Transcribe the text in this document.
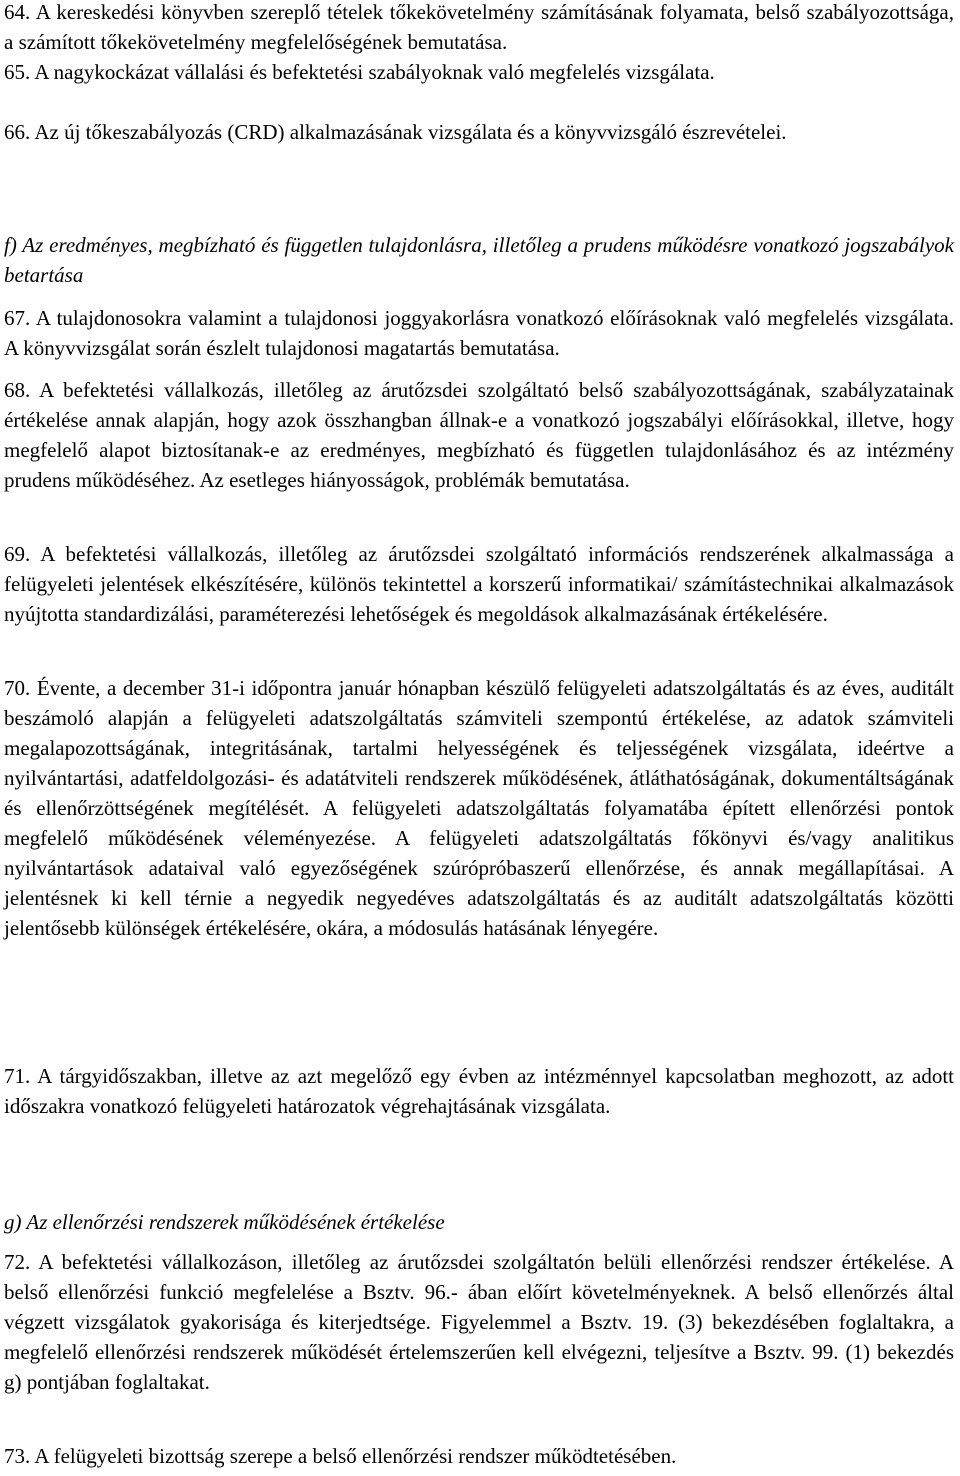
64. A kereskedési könyvben szereplő tételek tőkekövetelmény számításának folyamata, belső szabályozottsága, a számított tőkekövetelmény megfelelőségének bemutatása.

65. A nagykockázat vállalási és befektetési szabályoknak való megfelelés vizsgálata.

66. Az új tőkeszabályozás (CRD) alkalmazásának vizsgálata és a könyvvizsgáló észrevételei.

f) Az eredményes, megbízható és független tulajdonlásra, illetőleg a prudens működésre vonatkozó jogszabályok betartása

67. A tulajdonosokra valamint a tulajdonosi joggyakorlásra vonatkozó előírásoknak való megfelelés vizsgálata. A könyvvizsgálat során észlelt tulajdonosi magatartás bemutatása.

68. A befektetési vállalkozás, illetőleg az árutőzsdei szolgáltató belső szabályozottságának, szabályzatainak értékelése annak alapján, hogy azok összhangban állnak-e a vonatkozó jogszabályi előírásokkal, illetve, hogy megfelelő alapot biztosítanak-e az eredményes, megbízható és független tulajdonlásához és az intézmény prudens működéséhez. Az esetleges hiányosságok, problémák bemutatása.

69. A befektetési vállalkozás, illetőleg az árutőzsdei szolgáltató információs rendszerének alkalmassága a felügyeleti jelentések elkészítésére, különös tekintettel a korszerű informatikai/ számítástechnikai alkalmazások nyújtotta standardizálási, paraméterezési lehetőségek és megoldások alkalmazásának értékelésére.

70. Évente, a december 31-i időpontra január hónapban készülő felügyeleti adatszolgáltatás és az éves, auditált beszámoló alapján a felügyeleti adatszolgáltatás számviteli szempontú értékelése, az adatok számviteli megalapozottságának, integritásának, tartalmi helyességének és teljességének vizsgálata, ideértve a nyilvántartási, adatfeldolgozási- és adatátviteli rendszerek működésének, átláthatóságának, dokumentáltságának és ellenőrzöttségének megítélését. A felügyeleti adatszolgáltatás folyamatába épített ellenőrzési pontok megfelelő működésének véleményezése. A felügyeleti adatszolgáltatás főkönyvi és/vagy analitikus nyilvántartások adataival való egyezőségének szúrópróbaszerű ellenőrzése, és annak megállapításai. A jelentésnek ki kell térnie a negyedik negyedéves adatszolgáltatás és az auditált adatszolgáltatás közötti jelentősebb különségek értékelésére, okára, a módosulás hatásának lényegére.

71. A tárgyidőszakban, illetve az azt megelőző egy évben az intézménnyel kapcsolatban meghozott, az adott időszakra vonatkozó felügyeleti határozatok végrehajtásának vizsgálata.

g) Az ellenőrzési rendszerek működésének értékelése

72. A befektetési vállalkozáson, illetőleg az árutőzsdei szolgáltatón belüli ellenőrzési rendszer értékelése. A belső ellenőrzési funkció megfelelése a Bsztv. 96.- ában előírt követelményeknek. A belső ellenőrzés által végzett vizsgálatok gyakorisága és kiterjedtsége. Figyelemmel a Bsztv. 19. (3) bekezdésében foglaltakra, a megfelelő ellenőrzési rendszerek működését értelemszerűen kell elvégezni, teljesítve a Bsztv. 99. (1) bekezdés g) pontjában foglaltakat.

73. A felügyeleti bizottság szerepe a belső ellenőrzési rendszer működtetésében.
